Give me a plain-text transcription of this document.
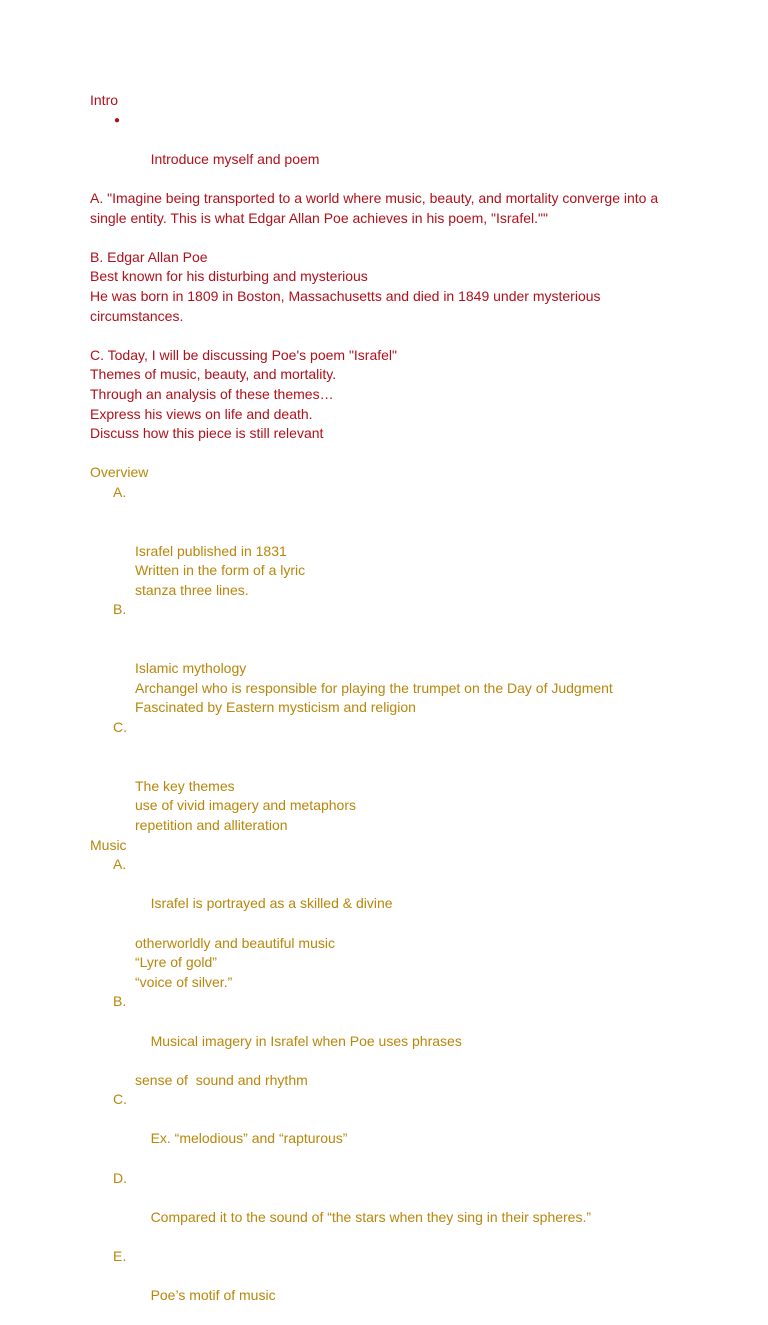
Intro

●

Introduce myself and poem

A. "Imagine being transported to a world where music, beauty, and mortality converge into a
single entity. This is what Edgar Allan Poe achieves in his poem, "Israfel.""
B. Edgar Allan Poe
Best known for his disturbing and mysterious
He was born in 1809 in Boston, Massachusetts and died in 1849 under mysterious
circumstances.
C. Today, I will be discussing Poe's poem "Israfel"
Themes of music, beauty, and mortality.
Through an analysis of these themes…
Express his views on life and death.
Discuss how this piece is still relevant
Overview

A.

Israfel published in 1831
Written in the form of a lyric
stanza three lines.

B.

Islamic mythology
Archangel who is responsible for playing the trumpet on the Day of Judgment
Fascinated by Eastern mysticism and religion

C.

The key themes
use of vivid imagery and metaphors
repetition and alliteration
Music

A.

Israfel is portrayed as a skilled & divine

otherworldly and beautiful music
“Lyre of gold”
“voice of silver.”

B.

Musical imagery in Israfel when Poe uses phrases

sense of  sound and rhythm

C.

Ex. “melodious” and “rapturous”

D.

Compared it to the sound of “the stars when they sing in their spheres.”

E.

Poe’s motif of music
